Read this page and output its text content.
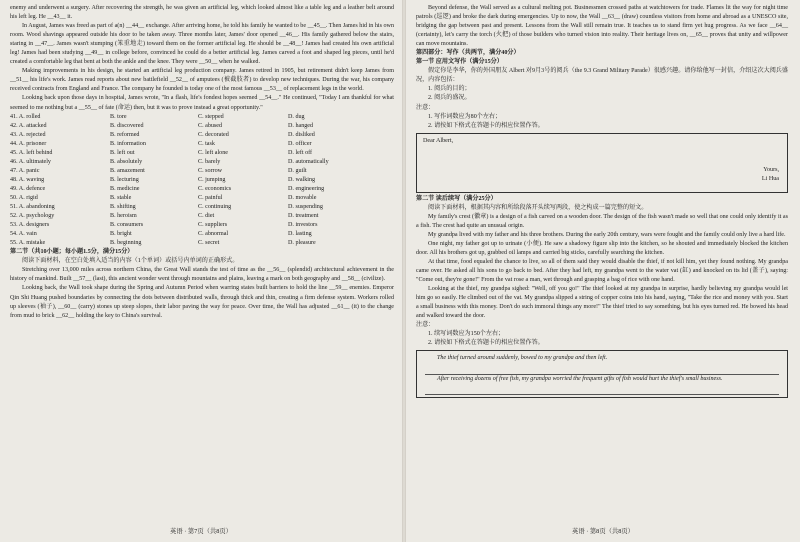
enemy and underwent a surgery. After recovering the strength, he was given an artificial leg, which looked almost like a table leg and a leather belt around his left leg. He __43__ it.

In August, James was freed as part of a(n) __44__ exchange. After arriving home, he told his family he wanted to be __45__. Then James hid in his own room. Wood shavings appeared outside his door to be taken away. Three months later, James' door opened __46__. His family gathered below the stairs, staring in __47__. James wasn't stumping (笨重地走) toward them on the former artificial leg. He should be __48__! James had created his own artificial leg! James had been studying __49__ in college before, convinced he could do a better artificial leg. James carved a foot and shaped leg pieces, until he'd created a comfortable leg that bent at both the ankle and the knee. They were __50__ when he walked.

Making improvements in his design, he started an artificial leg production company. James retired in 1905, but retirement didn't keep James from __51__ his life's work. James read reports about new battlefield __52__ of amputees (被截肢者) to develop new techniques. During the war, his company received contracts from England and France. The company he founded is today one of the most famous __53__ of replacement legs in the world.

Looking back upon those days in hospital, James wrote, "In a flash, life's fondest hopes seemed __54__." He continued, "Today I am thankful for what seemed to me nothing but a __55__ of fate (命运) then, but it was to prove instead a great opportunity."

41. A. rolled	B. tore	C. stepped	D. dug
42. A. attacked	B. discovered	C. abused	D. hanged
43. A. rejected	B. reformed	C. decorated	D. disliked
44. A. prisoner	B. information	C. task	D. officer
45. A. left behind	B. left out	C. left alone	D. left off
46. A. ultimately	B. absolutely	C. barely	D. automatically
47. A. panic	B. amazement	C. sorrow	D. guilt
48. A. waving	B. lecturing	C. jumping	D. walking
49. A. defence	B. medicine	C. economics	D. engineering
50. A. rigid	B. stable	C. painful	D. movable
51. A. abandoning	B. shifting	C. continuing	D. suspending
52. A. psychology	B. heroism	C. diet	D. treatment
53. A. designers	B. consumers	C. suppliers	D. investors
54. A. vain	B. bright	C. abnormal	D. lasting
55. A. mistake	B. beginning	C. secret	D. pleasure

第二节（共10小题；每小题1.5分，满分15分）

阅读下面材料，在空白处填入适当的内容（1个单词）或括号内单词的正确形式。

Stretching over 13,000 miles across northern China, the Great Wall stands the test of time as the __56__ (splendid) architectural achievement in the history of mankind. Built __57__ (last), this ancient wonder went through mountains and plains, leaving a mark on both geography and __58__ (civilize).

Looking back, the Wall took shape during the Spring and Autumn Period when warring states built barriers to hold the line __59__ enemies. Emperor Qin Shi Huang pushed boundaries by connecting the dots between distributed walls, through thick and thin, creating a firm defense system. Workers rolled up sleeves (袖子), __60__ (carry) stones up steep slopes, their labor paving the way for peace. Over time, the Wall has adjusted __61__ (it) to the change from mud to brick __62__ holding the key to China's survival.

英语 · 第7页（共8页）

Beyond defense, the Wall served as a cultural melting pot. Businessmen crossed paths at watchtowers for trade. Flames lit the way for night time patrols (巡逻) and broke the dark during emergencies. Up to now, the Wall __63__ (draw) countless visitors from home and abroad as a UNESCO site, bridging the gap between past and present. Lessons from the Wall still remain true. It teaches us to stand firm yet hug progress. As we face __64__ (certainty), let's carry the torch (火把) of those builders who turned vision into reality. Their heritage lives on, __65__ proves that unity and willpower can move mountains.

第四部分：写作（共两节，满分40分）

第一节 应用文写作（满分15分）

假定你是李华，你的外国朋友 Albert 对9月3号的阅兵（the 9.3 Grand Military Parade）很感兴趣。请你给他写一封信，介绍这次大阅兵盛况，内容包括：

1. 阅兵的目的；

2. 阅兵的盛况。

注意：

1. 写作词数应为80个左右；

2. 请按如下格式在答题卡的相应位置作答。

Dear Albert,
Yours,
Li Hua

第二节 读后续写（满分25分）

阅读下面材料，根据其内容和所给段落开头续写两段，使之构成一篇完整的短文。

My family's crest (徽章) is a design of a fish carved on a wooden door. The design of the fish wasn't made so well that one could only identify it as a fish. The crest had quite an unusual origin.

My grandpa lived with my father and his three brothers. During the early 20th century, wars were fought and the family could only live a hard life.

One night, my father got up to urinate (小便). He saw a shadowy figure slip into the kitchen, so he shouted and immediately blocked the kitchen door. All his brothers got up, grabbed oil lamps and carried big sticks, carefully searching the kitchen.

At that time, food equaled the chance to live, so all of them said they would disable the thief, if not kill him, yet they found nothing. My grandpa came over. He asked all his sons to go back to bed. After they had left, my grandpa went to the water vat (缸) and knocked on its lid (盖子), saying: "Come out, they're gone!" From the vat rose a man, wet through and grasping a bag of rice with one hand.

Looking at the thief, my grandpa sighed: "Well, off you go!" The thief looked at my grandpa in surprise, hardly believing my grandpa would let him go so easily. He climbed out of the vat. My grandpa slipped a string of copper coins into his hand, saying, "Take the rice and money with you. Start a small business with this money. Don't do such immoral things any more!" The thief tried to say something, but his eyes turned red. He bowed his head and walked toward the door.

注意：

1. 续写词数应为150个左右；

2. 请按如下格式在答题卡的相应位置作答。

The thief turned around suddenly, bowed to my grandpa and then left.

After receiving dozens of free fish, my grandpa worried the frequent gifts of fish would hurt the thief's small business.

英语 · 第8页（共8页）
